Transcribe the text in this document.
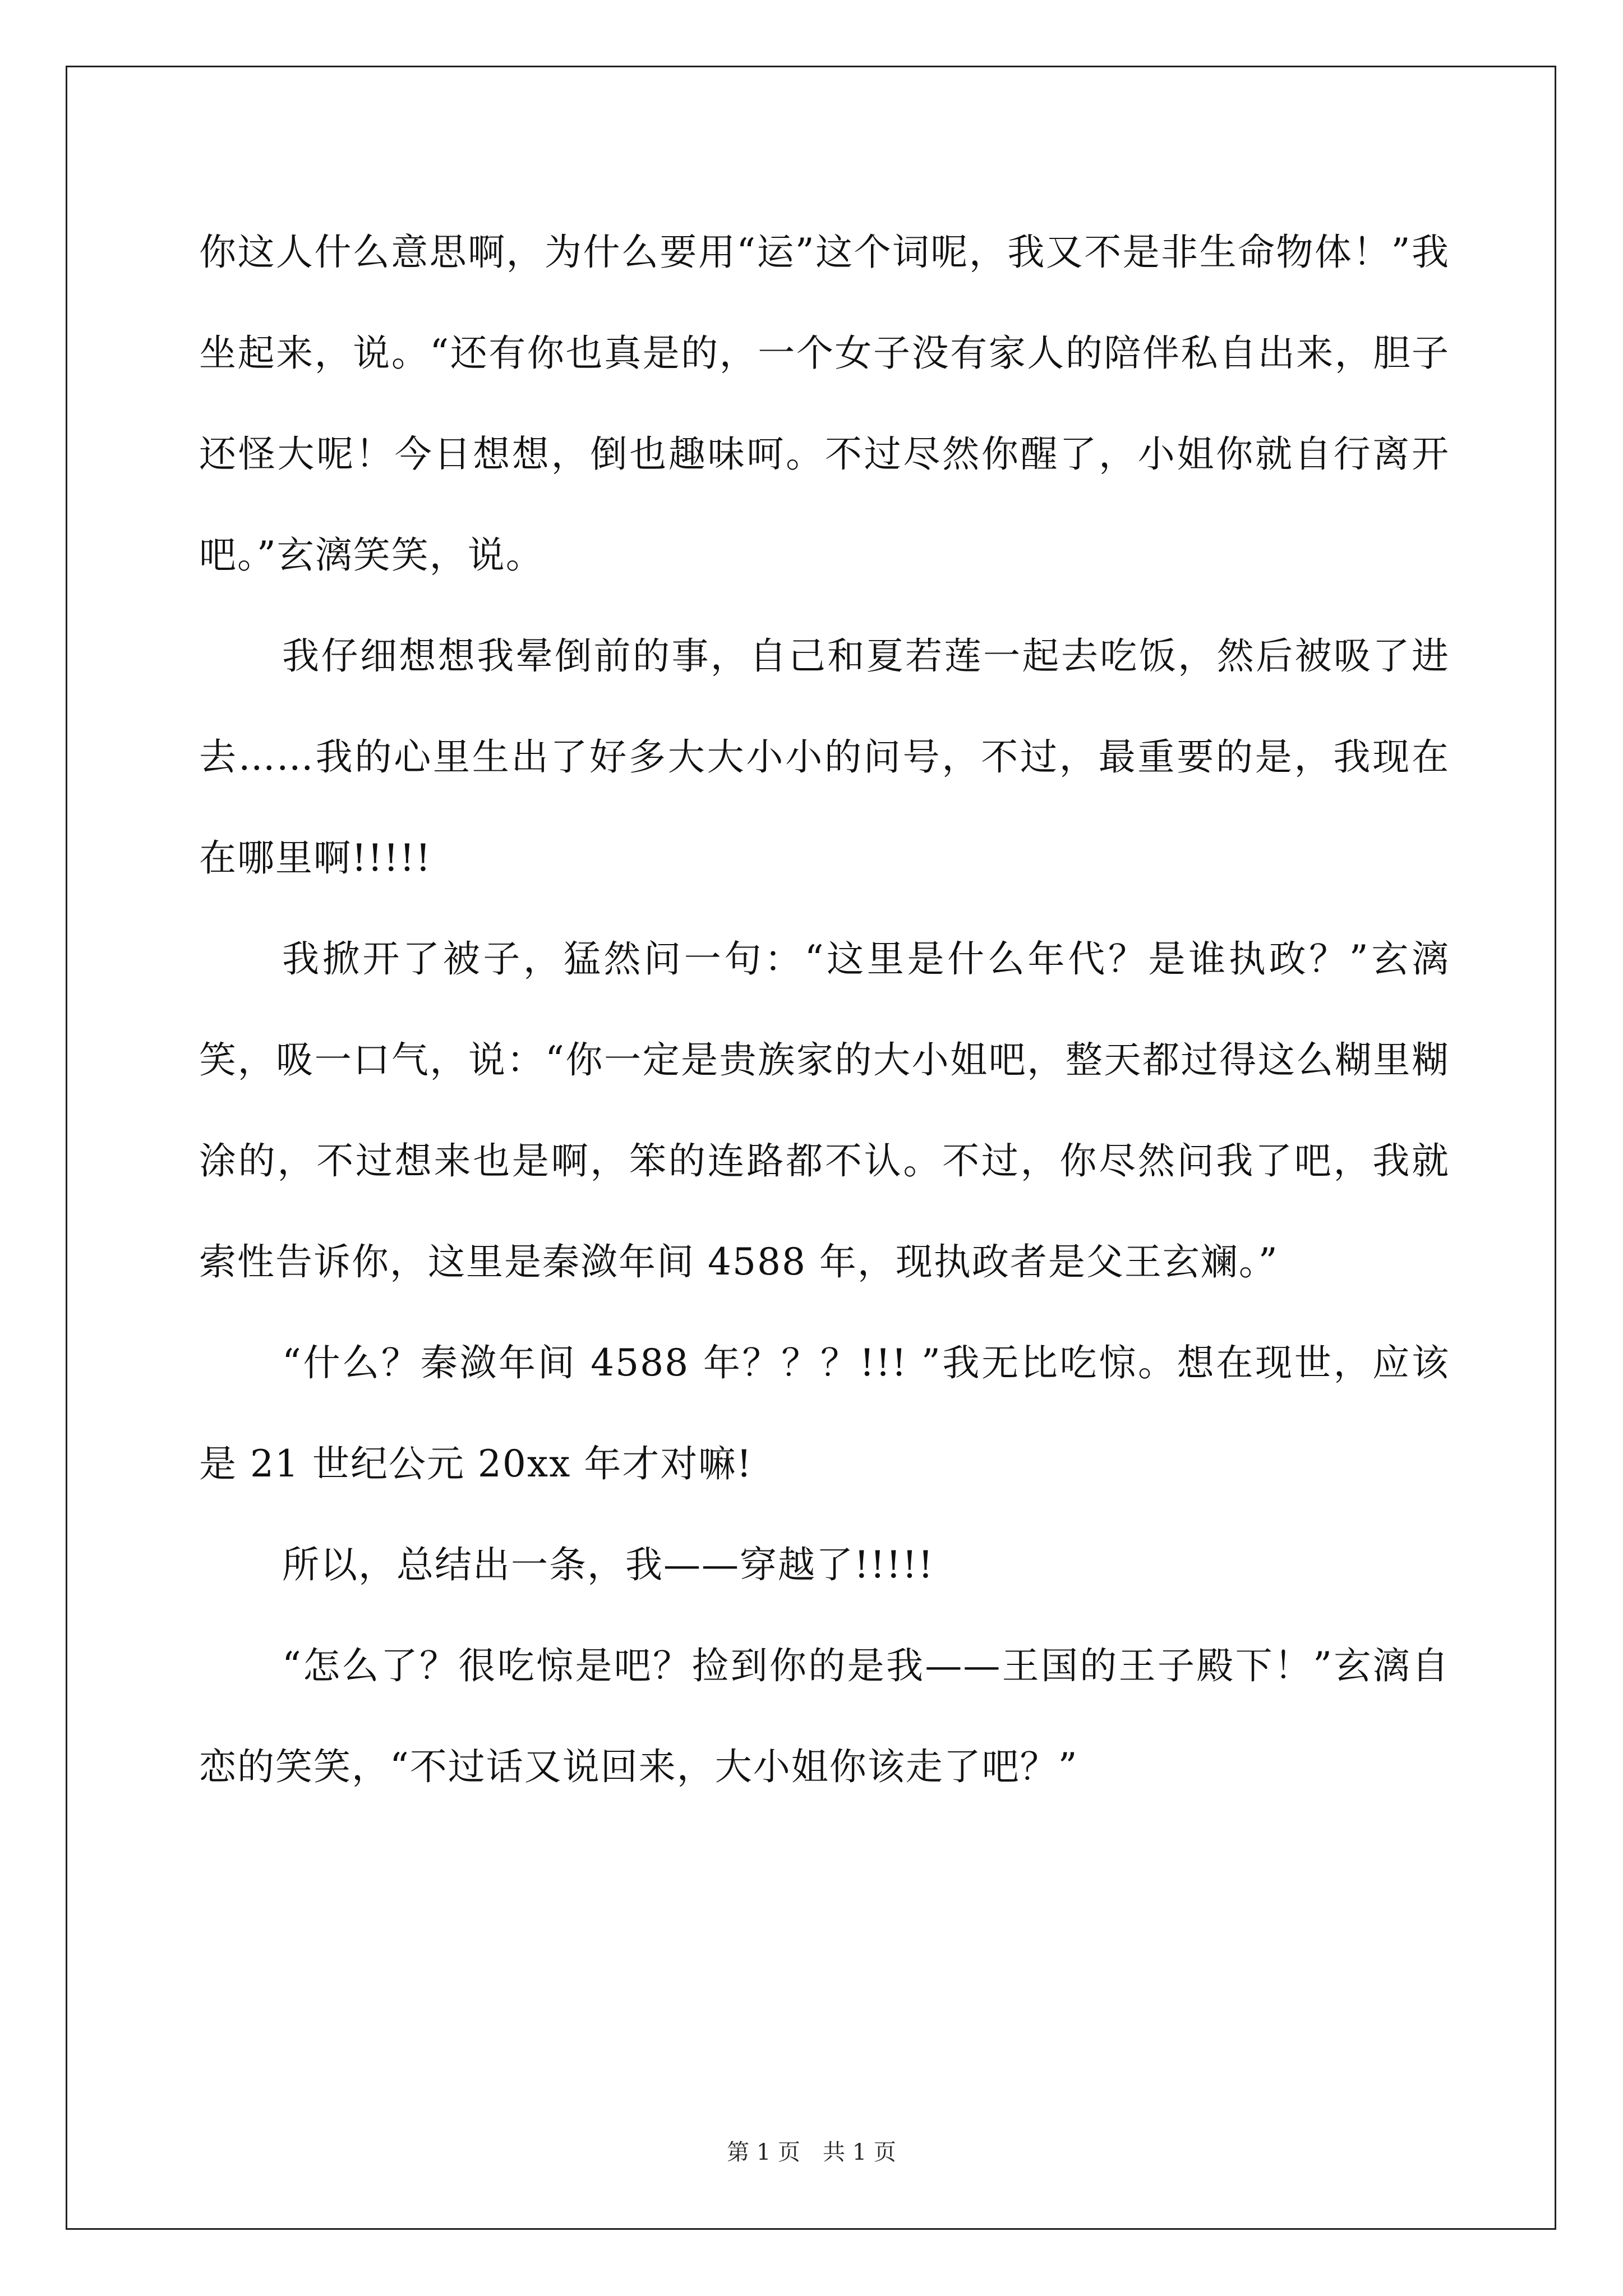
你这人什么意思啊，为什么要用“运”这个词呢，我又不是非生命物体！”我坐起来，说。“还有你也真是的，一个女子没有家人的陪伴私自出来，胆子还怪大呢！今日想想，倒也趣味呵。不过尽然你醒了，小姐你就自行离开吧。”玄漓笑笑，说。

我仔细想想我晕倒前的事，自己和夏若莲一起去吃饭，然后被吸了进去……我的心里生出了好多大大小小的问号，不过，最重要的是，我现在在哪里啊!!!!!

我掀开了被子，猛然问一句：“这里是什么年代？是谁执政？”玄漓笑，吸一口气，说：“你一定是贵族家的大小姐吧，整天都过得这么糊里糊涂的，不过想来也是啊，笨的连路都不认。不过，你尽然问我了吧，我就索性告诉你，这里是秦潋年间 4588 年，现执政者是父王玄斓。”

“什么？秦潋年间 4588 年？？？!!! ”我无比吃惊。想在现世，应该是 21 世纪公元 20xx 年才对嘛!

所以，总结出一条，我——穿越了!!!!!

“怎么了？很吃惊是吧？捡到你的是我——王国的王子殿下！”玄漓自恋的笑笑，“不过话又说回来，大小姐你该走了吧？”

第 1 页　共 1 页
